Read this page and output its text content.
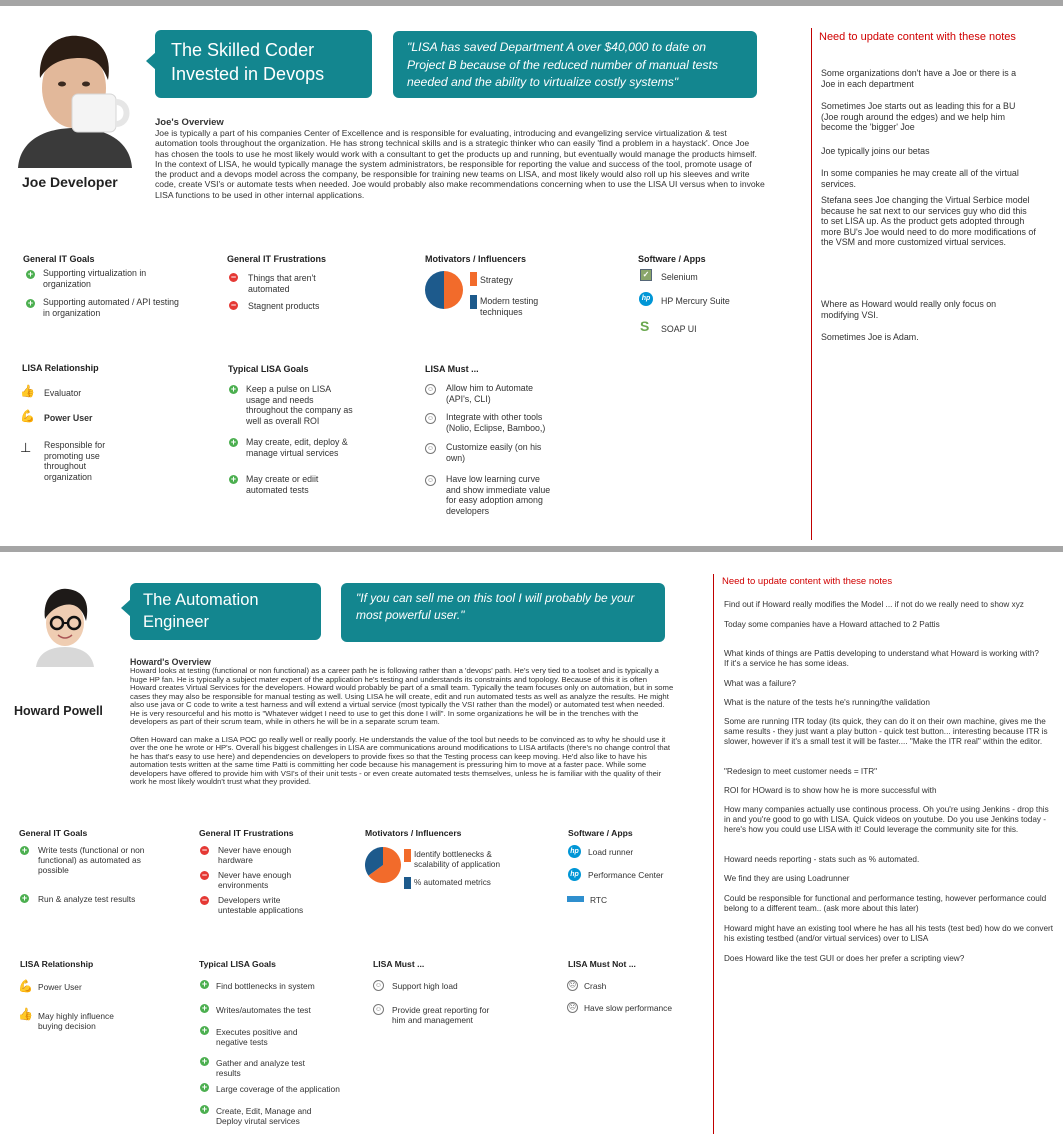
Joe Developer
The Skilled Coder
Invested in Devops
"LISA has saved Department A over $40,000 to date on Project B because of the reduced number of manual tests needed and the ability to virtualize costly systems"
Joe's Overview
Joe is typically a part of his companies Center of Excellence and is responsible for evaluating, introducing and evangelizing service virtualization & test automation tools throughout the organization. He has strong technical skills and is a strategic thinker who can easily 'find a problem in a haystack'. Once Joe has chosen the tools to use he most likely would work with a consultant to get the products up and running, but eventually would manage the products himself. In the context of LISA, he would typically manage the system administrators, be responsible for reporting the value and success of the tool, promote usage of the product and a devops model across the company, be responsible for training new teams on LISA, and most likely would also roll up his sleeves and write code, create VSI's or automate tests when needed. Joe would probably also make recommendations concerning when to use the LISA UI versus when to invoke LISA functions to be used in other internal applications.
General IT Goals
+ Supporting virtualization in organization
+ Supporting automated / API testing in organization
General IT Frustrations
− Things that aren't automated
− Stagnent products
Motivators / Influencers
Strategy
Modern testing techniques
Software / Apps
✓	Selenium
hp	HP Mercury Suite
S	SOAP UI
LISA Relationship
👍 Evaluator
💪 Power User
⊥ Responsible for promoting use throughout organization
Typical LISA Goals
+ Keep a pulse on LISA usage and needs throughout the company as well as overall ROI
+ May create, edit, deploy & manage virtual services
+ May create or ediit automated tests
LISA Must ...
☺ Allow him to Automate (API's, CLI)
☺ Integrate with other tools (Nolio, Eclipse, Bamboo,)
☺ Customize easily (on his own)
☺ Have low learning curve and show immediate value for easy adoption among developers
Need to update content with these notes
Some organizations don't have a Joe or there is a Joe in each department
Sometimes Joe starts out as leading this for a BU (Joe rough around the edges) and we help him become the 'bigger' Joe
Joe typically joins our betas
In some companies he may create all of the virtual services.
Stefana sees Joe changing the Virtual Serbice model because he sat next to our services guy who did this to set LISA up. As the product gets adopted through more BU's Joe would need to do more modifications of the VSM and more customized virtual services.
Where as Howard would really only focus on modifying VSI.
Sometimes Joe is Adam.
Howard Powell
The Automation
Engineer
"If you can sell me on this tool I will probably be your most powerful user."
Howard's Overview
Howard looks at testing (functional or non functional) as a career path he is following rather than a 'devops' path. He's very tied to a toolset and is typically a huge HP fan. He is typically a subject mater expert of the application he's testing and understands its constraints and topology. Because of this it is often Howard creates Virtual Services for the developers. Howard would probably be part of a small team. Typically the team focuses only on automation, but in some cases they may also be responsible for manual testing as well. Using LISA he will create, edit and run automated tests as well as analyze the results. He might also use java or C code to write a test harness and will extend a virtual service (most typically the VSI rather than the model) or automated test when needed. He is very resourceful and his motto is "Whatever widget I need to use to get this done I will". In some organizations he will be in the trenches with the developers as part of their scrum team, while in others he will be in a separate scrum team.
Often Howard can make a LISA POC go really well or really poorly. He understands the value of the tool but needs to be convinced as to why he should use it over the one he wrote or HP's. Overall his biggest challenges in LISA are communications around modifications to LISA artifacts (there's no change control that he has that's easy to use here) and dependencies on developers to provide fixes so that the Testing process can keep moving. He'd also like to have his automation tests written at the same time Patti is committing her code because his management is pressuring him to move at a faster pace. While some developers have offered to provide him with VSI's of their unit tests - or even create automated tests themselves, unless he is familiar with the quality of their work he most likely wouldn't trust what they provided.
General IT Goals
+ Write tests (functional or non functional) as automated as possible
+ Run & analyze test results
General IT Frustrations
− Never have enough hardware
− Never have enough environments
− Developers write untestable applications
Motivators / Influencers
Identify bottlenecks & scalability of application
% automated metrics
Software / Apps
hp Load runner
hp Performance Center
RTC
LISA Relationship
💪 Power User
👍 May highly influence buying decision
Typical LISA Goals
+ Find bottlenecks in system
+ Writes/automates the test
+ Executes positive and negative tests
+ Gather and analyze test results
+ Large coverage of the application
+ Create, Edit, Manage and Deploy virutal services
LISA Must ...
☺ Support high load
☺ Provide great reporting for him and management
LISA Must Not ...
☹ Crash
☹ Have slow performance
Need to update content with these notes
Find out if Howard really modifies the Model ... if not do we really need to show xyz
Today some companies have a Howard attached to 2 Pattis
What kinds of things are Pattis developing to understand what Howard is working with? If it's a service he has some ideas.
What was a failure?
What is the nature of the tests he's running/the validation
Some are running ITR today (its quick, they can do it on their own machine, gives me the same results - they just want a play button - quick test button... interesting because ITR is slower, however if it's a small test it will be faster.... "Make the ITR real" within the editor.
"Redesign to meet customer needs = ITR"
ROI for HOward is to show how he is more successful with
How many companies actually use continous process. Oh you're using Jenkins - drop this in and you're good to go with LISA. Quick videos on youtube. Do you use Jenkins today - here's how you could use LISA with it! Could leverage the community site for this.
Howard needs reporting - stats such as % automated.
We find they are using Loadrunner
Could be responsible for functional and performance testing, however performance could belong to a different team.. (ask more about this later)
Howard might have an existing tool where he has all his tests (test bed) how do we convert his existing testbed (and/or virtual services) over to LISA
Does Howard like the test GUI or does her prefer a scripting view?
